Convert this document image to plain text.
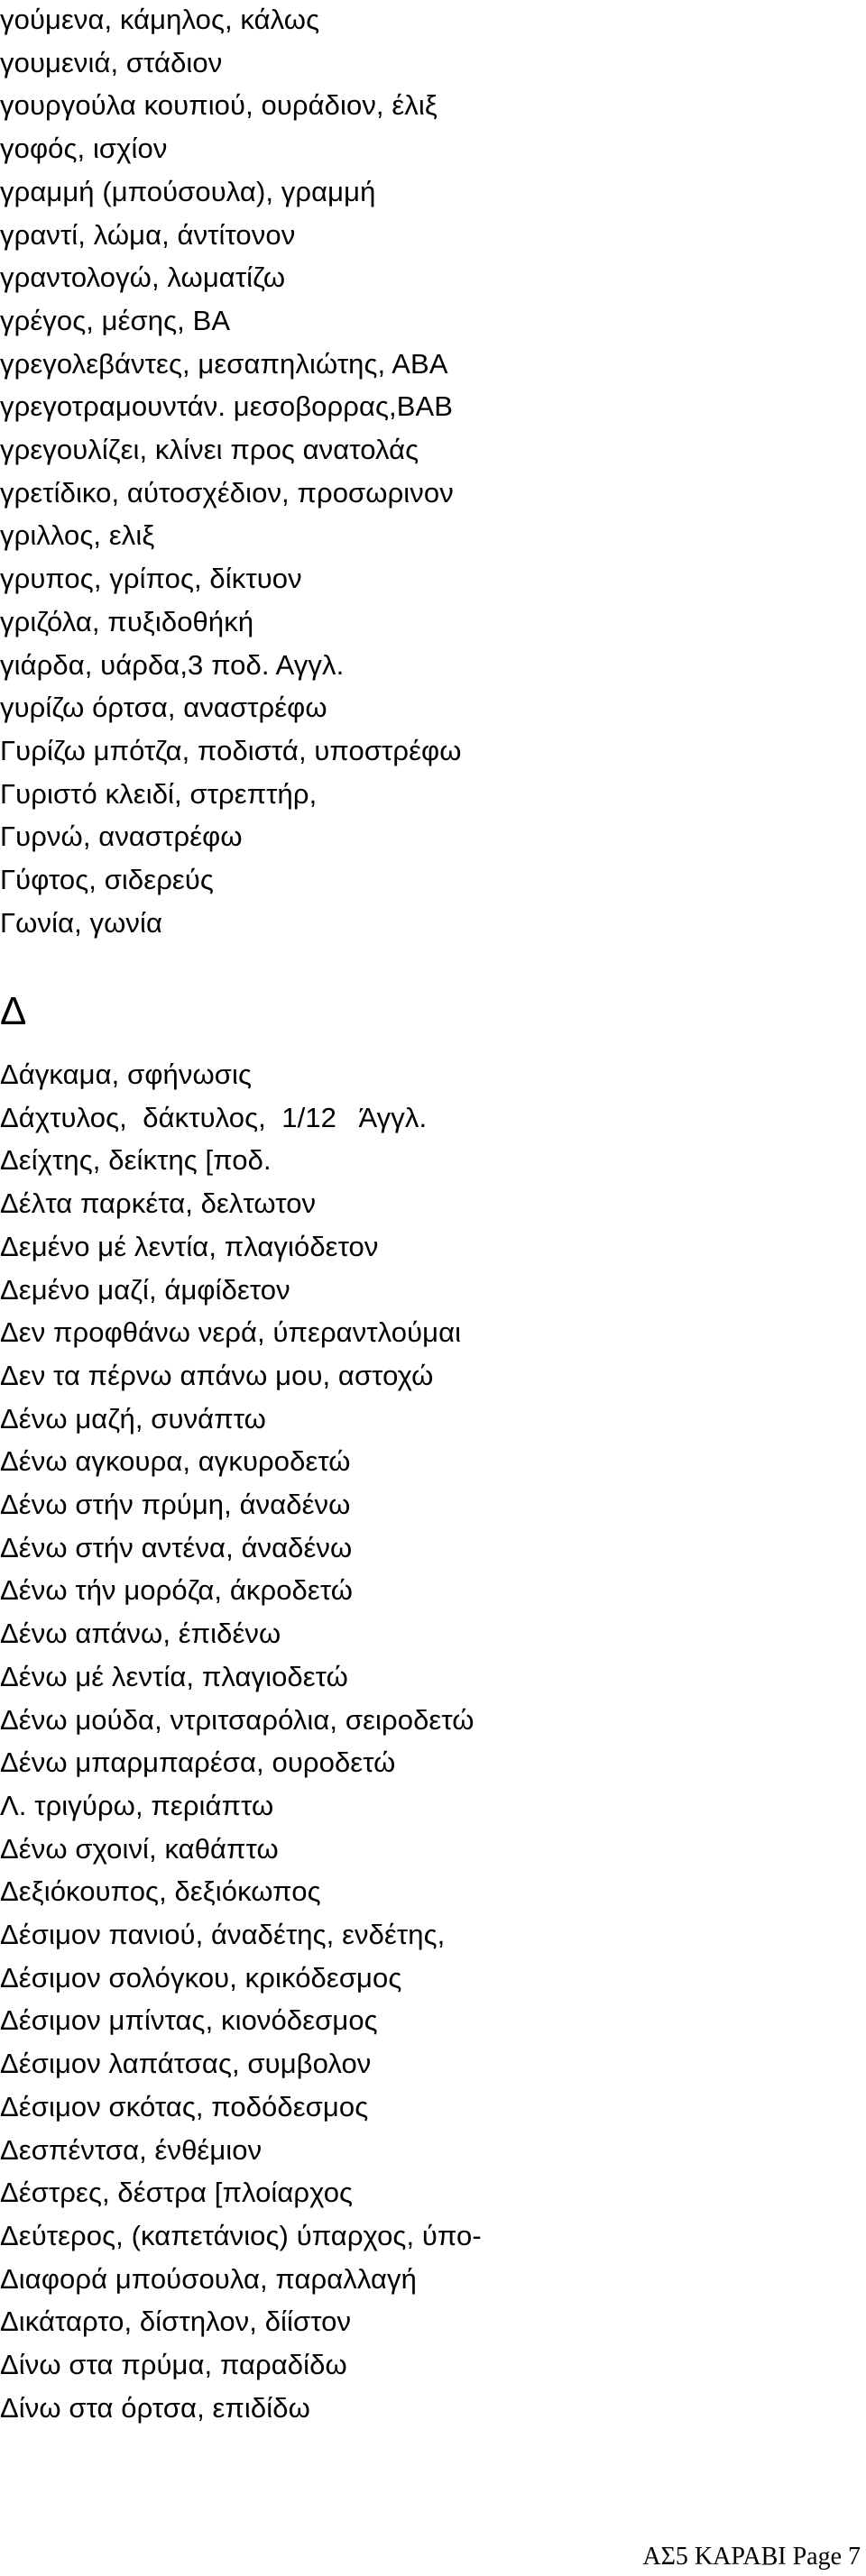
γούμενα, κάμηλος, κάλως
γουμενιά, στάδιον
γουργούλα κουπιού, ουράδιον, έλιξ
γοφός, ισχίον
γραμμή (μπούσουλα), γραμμή
γραντί, λώμα, άντίτονον
γραντολογώ, λωματίζω
γρέγος, μέσης, ΒΑ
γρεγολεβάντες, μεσαπηλιώτης, ΑΒΑ
γρεγοτραμουντάν. μεσοβορρας,ΒΑΒ
γρεγουλίζει, κλίνει προς ανατολάς
γρετίδικο, αύτοσχέδιον, προσωρινον
γριλλος, ελιξ
γρυπος, γρίπος, δίκτυον
γριζόλα, πυξιδοθήκή
γιάρδα, υάρδα,3 ποδ. Αγγλ.
γυρίζω όρτσα, αναστρέφω
Γυρίζω μπότζα, ποδιστά, υποστρέφω
Γυριστό κλειδί, στρεπτήρ,
Γυρνώ, αναστρέφω
Γύφτος, σιδερεύς
Γωνία, γωνία
Δ
Δάγκαμα, σφήνωσις
Δάχτυλος,  δάκτυλος,  1/12   Άγγλ.
Δείχτης, δείκτης [ποδ.
Δέλτα παρκέτα, δελτωτον
Δεμένο μέ λεντία, πλαγιόδετον
Δεμένο μαζί, άμφίδετον
Δεν προφθάνω νερά, ύπεραντλούμαι
Δεν τα πέρνω απάνω μου, αστοχώ
Δένω μαζή, συνάπτω
Δένω αγκουρα, αγκυροδετώ
Δένω στήν πρύμη, άναδένω
Δένω στήν αντένα, άναδένω
Δένω τήν μορόζα, άκροδετώ
Δένω απάνω, έπιδένω
Δένω μέ λεντία, πλαγιοδετώ
Δένω μούδα, ντριτσαρόλια, σειροδετώ
Δένω μπαρμπαρέσα, ουροδετώ
Λ. τριγύρω, περιάπτω
Δένω σχοινί, καθάπτω
Δεξιόκουπος, δεξιόκωπος
Δέσιμον πανιού, άναδέτης, ενδέτης,
Δέσιμον σολόγκου, κρικόδεσμος
Δέσιμον μπίντας, κιονόδεσμος
Δέσιμον λαπάτσας, συμβολον
Δέσιμον σκότας, ποδόδεσμος
Δεσπέντσα, ένθέμιον
Δέστρες, δέστρα [πλοίαρχος
Δεύτερος, (καπετάνιος) ύπαρχος, ύπο-
Διαφορά μπούσουλα, παραλλαγή
Δικάταρτο, δίστηλον, δίίστον
Δίνω στα πρύμα, παραδίδω
Δίνω στα όρτσα, επιδίδω
ΑΣ5 ΚΑΡΑΒΙ Page 7
